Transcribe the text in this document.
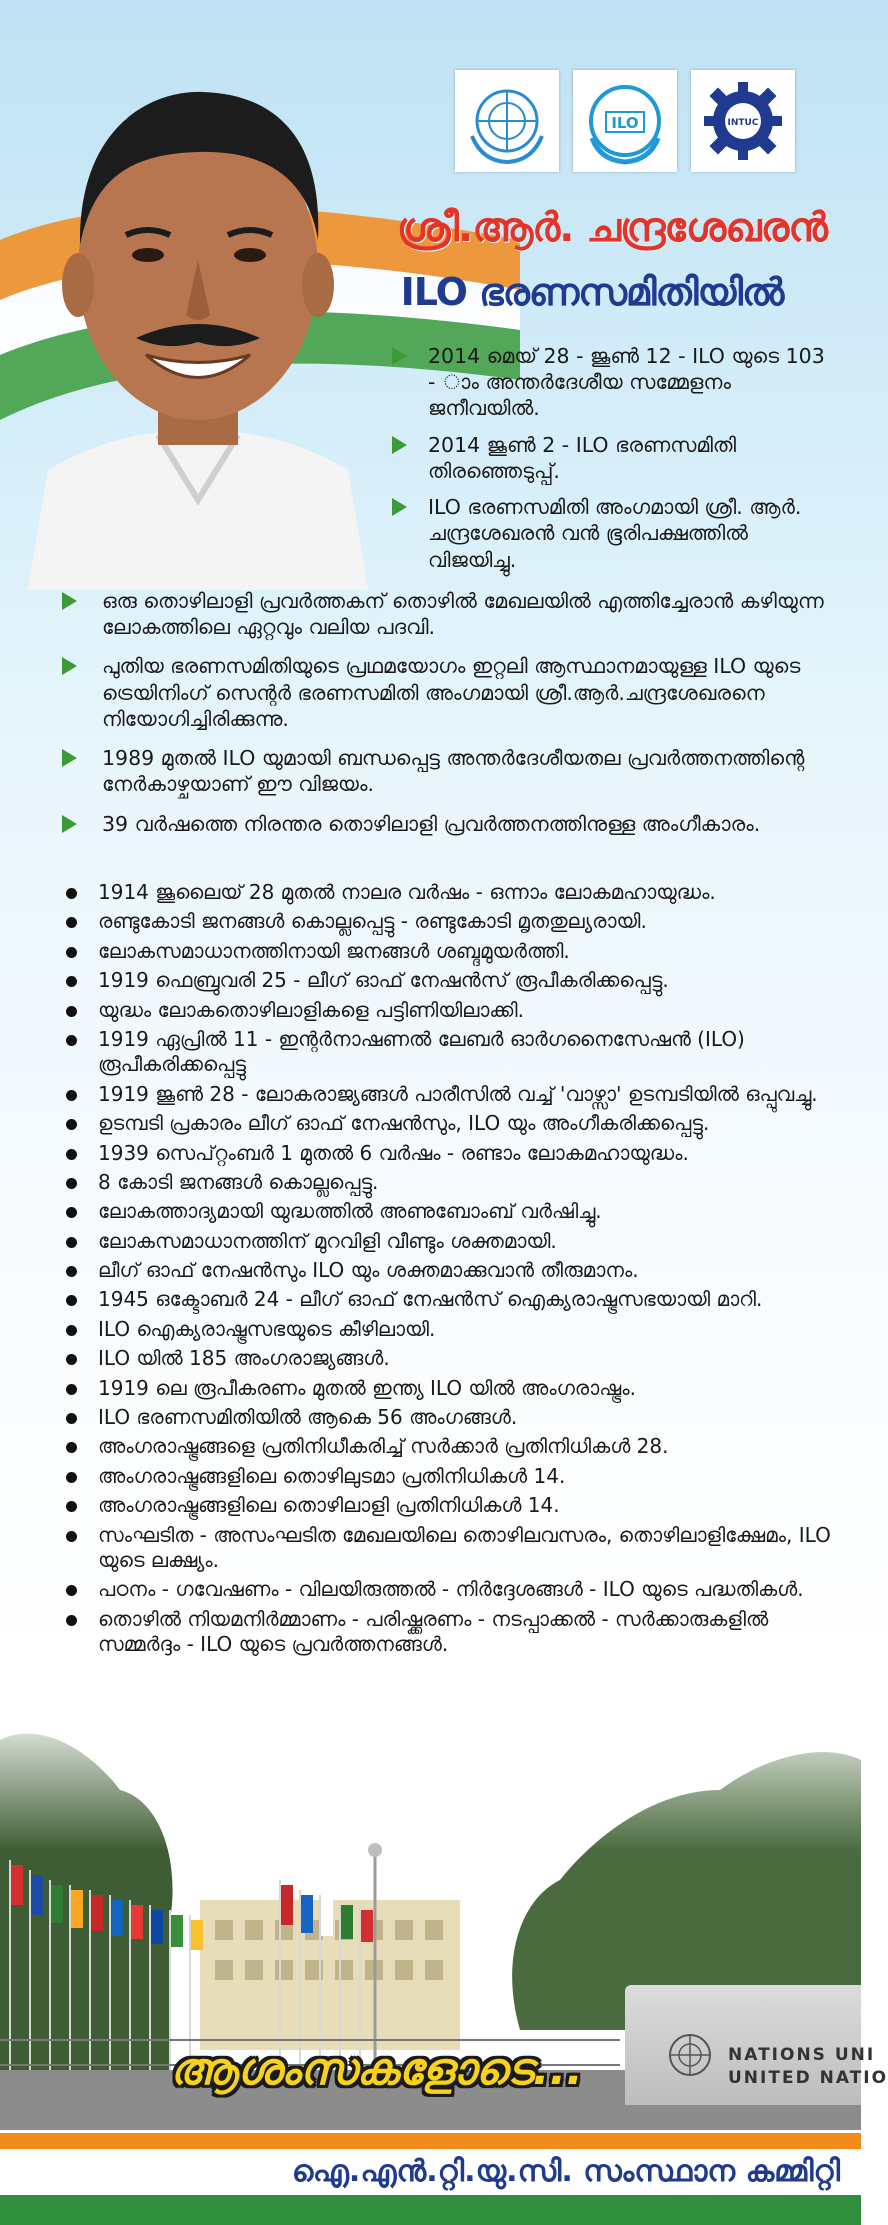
ILO	INTUC
ശ്രീ.ആർ. ചന്ദ്രശേഖരൻ
ILO ഭരണസമിതിയിൽ
2014 മെയ് 28 - ജൂൺ 12 - ILO യുടെ 103 - ാം അന്തർദേശീയ സമ്മേളനം ജനീവയിൽ.
2014 ജൂൺ 2 - ILO ഭരണസമിതി തിരഞ്ഞെടുപ്പ്.
ILO ഭരണസമിതി അംഗമായി ശ്രീ. ആർ. ചന്ദ്രശേഖരൻ വൻ ഭൂരിപക്ഷത്തിൽ വിജയിച്ചു.
ഒരു തൊഴിലാളി പ്രവർത്തകന് തൊഴിൽ മേഖലയിൽ എത്തിച്ചേരാൻ കഴിയുന്ന ലോകത്തിലെ ഏറ്റവും വലിയ പദവി.
പുതിയ ഭരണസമിതിയുടെ പ്രഥമയോഗം ഇറ്റലി ആസ്ഥാനമായുള്ള ILO യുടെ ട്രെയിനിംഗ് സെന്റർ ഭരണസമിതി അംഗമായി ശ്രീ.ആർ.ചന്ദ്രശേഖരനെ നിയോഗിച്ചിരിക്കുന്നു.
1989 മുതൽ ILO യുമായി ബന്ധപ്പെട്ട അന്തർദേശീയതല പ്രവർത്തനത്തിന്റെ നേർകാഴ്ചയാണ് ഈ വിജയം.
39 വർഷത്തെ നിരന്തര തൊഴിലാളി പ്രവർത്തനത്തിനുള്ള അംഗീകാരം.
1914 ജൂലൈയ് 28 മുതൽ നാലര വർഷം - ഒന്നാം ലോകമഹായുദ്ധം.
രണ്ടുകോടി ജനങ്ങൾ കൊല്ലപ്പെട്ടു - രണ്ടുകോടി മൃതതുല്യരായി.
ലോകസമാധാനത്തിനായി ജനങ്ങൾ ശബ്ദമുയർത്തി.
1919 ഫെബ്രുവരി 25 - ലീഗ് ഓഫ് നേഷൻസ് രൂപീകരിക്കപ്പെട്ടു.
യുദ്ധം ലോകതൊഴിലാളികളെ പട്ടിണിയിലാക്കി.
1919 ഏപ്രിൽ 11 - ഇന്റർനാഷണൽ ലേബർ ഓർഗനൈസേഷൻ (ILO) രൂപീകരിക്കപ്പെട്ടു
1919 ജൂൺ 28 - ലോകരാജ്യങ്ങൾ പാരീസിൽ വച്ച് 'വാഴ്സാ' ഉടമ്പടിയിൽ ഒപ്പുവച്ചു.
ഉടമ്പടി പ്രകാരം ലീഗ് ഓഫ് നേഷൻസും, ILO യും അംഗീകരിക്കപ്പെട്ടു.
1939 സെപ്റ്റംബർ 1 മുതൽ 6 വർഷം - രണ്ടാം ലോകമഹായുദ്ധം.
8 കോടി ജനങ്ങൾ കൊല്ലപ്പെട്ടു.
ലോകത്താദ്യമായി യുദ്ധത്തിൽ അണുബോംബ് വർഷിച്ചു.
ലോകസമാധാനത്തിന് മുറവിളി വീണ്ടും ശക്തമായി.
ലീഗ് ഓഫ് നേഷൻസും ILO യും ശക്തമാക്കുവാൻ തീരുമാനം.
1945 ഒക്ടോബർ 24 - ലീഗ് ഓഫ് നേഷൻസ് ഐക്യരാഷ്ട്രസഭയായി മാറി.
ILO ഐക്യരാഷ്ട്രസഭയുടെ കീഴിലായി.
ILO യിൽ 185 അംഗരാജ്യങ്ങൾ.
1919 ലെ രൂപീകരണം മുതൽ ഇന്ത്യ ILO യിൽ അംഗരാഷ്ട്രം.
ILO ഭരണസമിതിയിൽ ആകെ 56 അംഗങ്ങൾ.
അംഗരാഷ്ട്രങ്ങളെ പ്രതിനിധീകരിച്ച് സർക്കാർ പ്രതിനിധികൾ 28.
അംഗരാഷ്ട്രങ്ങളിലെ തൊഴിലുടമാ പ്രതിനിധികൾ 14.
അംഗരാഷ്ട്രങ്ങളിലെ തൊഴിലാളി പ്രതിനിധികൾ 14.
സംഘടിത - അസംഘടിത മേഖലയിലെ തൊഴിലവസരം, തൊഴിലാളിക്ഷേമം, ILO യുടെ ലക്ഷ്യം.
പഠനം - ഗവേഷണം - വിലയിരുത്തൽ - നിർദ്ദേശങ്ങൾ - ILO യുടെ പദ്ധതികൾ.
തൊഴിൽ നിയമനിർമ്മാണം - പരിഷ്ക്കരണം - നടപ്പാക്കൽ - സർക്കാരുകളിൽ സമ്മർദ്ദം - ILO യുടെ പ്രവർത്തനങ്ങൾ.
NATIONS UNI
UNITED NATIO
ആശംസകളോടെ...
ഐ.എൻ.റ്റി.യു.സി. സംസ്ഥാന കമ്മിറ്റി
